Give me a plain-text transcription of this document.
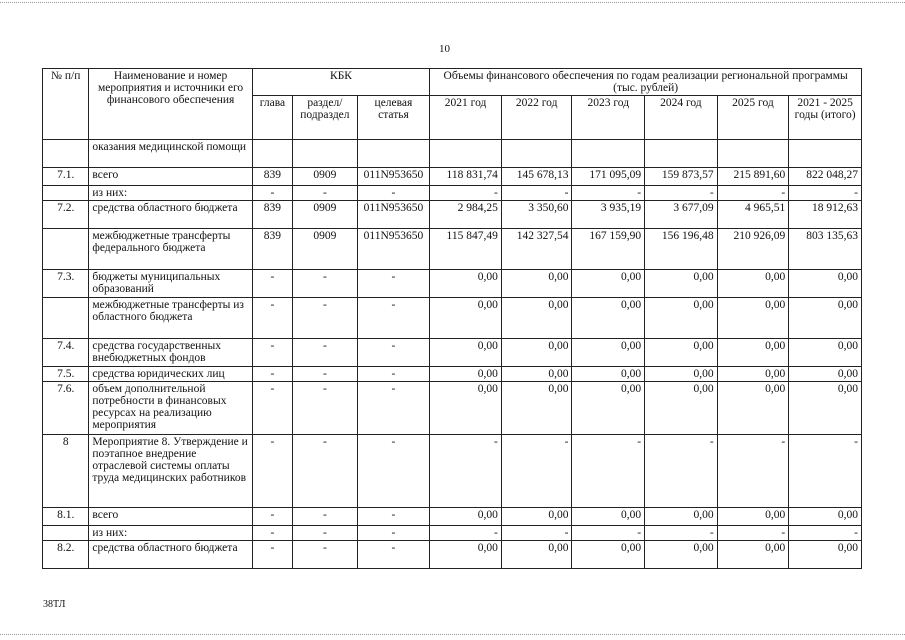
10
№ п/п	Наименование и номер мероприятия и источники его финансового обеспечения	КБК			Объемы финансового обеспечения по годам реализации региональной программы (тыс. рублей)					
		глава	раздел/ подраздел	целевая статья	2021 год	2022 год	2023 год	2024 год	2025 год	2021 - 2025 годы (итого)
	оказания медицинской помощи									
7.1.	всего	839	0909	011N953650	118 831,74	145 678,13	171 095,09	159 873,57	215 891,60	822 048,27
	из них:	-	-	-	-	-	-	-	-	-
7.2.	средства областного бюджета	839	0909	011N953650	2 984,25	3 350,60	3 935,19	3 677,09	4 965,51	18 912,63
	межбюджетные трансферты федерального бюджета	839	0909	011N953650	115 847,49	142 327,54	167 159,90	156 196,48	210 926,09	803 135,63
7.3.	бюджеты муниципальных образований	-	-	-	0,00	0,00	0,00	0,00	0,00	0,00
	межбюджетные трансферты из областного бюджета	-	-	-	0,00	0,00	0,00	0,00	0,00	0,00
7.4.	средства государственных внебюджетных фондов	-	-	-	0,00	0,00	0,00	0,00	0,00	0,00
7.5.	средства юридических лиц	-	-	-	0,00	0,00	0,00	0,00	0,00	0,00
7.6.	объем дополнительной потребности в финансовых ресурсах на реализацию мероприятия	-	-	-	0,00	0,00	0,00	0,00	0,00	0,00
8	Мероприятие 8. Утверждение и поэтапное внедрение отраслевой системы оплаты труда медицинских работников	-	-	-	-	-	-	-	-	-
8.1.	всего	-	-	-	0,00	0,00	0,00	0,00	0,00	0,00
	из них:	-	-	-	-	-	-	-	-	-
8.2.	средства областного бюджета	-	-	-	0,00	0,00	0,00	0,00	0,00	0,00
38ТЛ
